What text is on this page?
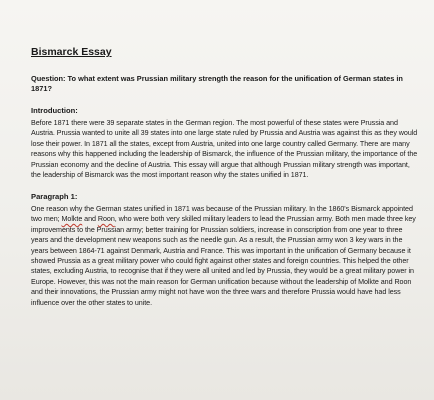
Bismarck Essay
Question: To what extent was Prussian military strength the reason for the unification of German states in 1871?
Introduction:
Before 1871 there were 39 separate states in the German region. The most powerful of these states were Prussia and Austria. Prussia wanted to unite all 39 states into one large state ruled by Prussia and Austria was against this as they would lose their power. In 1871 all the states, except from Austria, united into one large country called Germany. There are many reasons why this happened including the leadership of Bismarck, the influence of the Prussian military, the importance of the Prussian economy and the decline of Austria. This essay will argue that although Prussian military strength was important, the leadership of Bismarck was the most important reason why the states unified in 1871.
Paragraph 1:
One reason why the German states unified in 1871 was because of the Prussian military. In the 1860's Bismarck appointed two men; Molkte and Roon, who were both very skilled military leaders to lead the Prussian army. Both men made three key improvements to the Prussian army; better training for Prussian soldiers, increase in conscription from one year to three years and the development new weapons such as the needle gun. As a result, the Prussian army won 3 key wars in the years between 1864-71 against Denmark, Austria and France. This was important in the unification of Germany because it showed Prussia as a great military power who could fight against other states and foreign countries. This helped the other states, excluding Austria, to recognise that if they were all united and led by Prussia, they would be a great military power in Europe. However, this was not the main reason for German unification because without the leadership of Molkte and Roon and their innovations, the Prussian army might not have won the three wars and therefore Prussia would have had less influence over the other states to unite.
